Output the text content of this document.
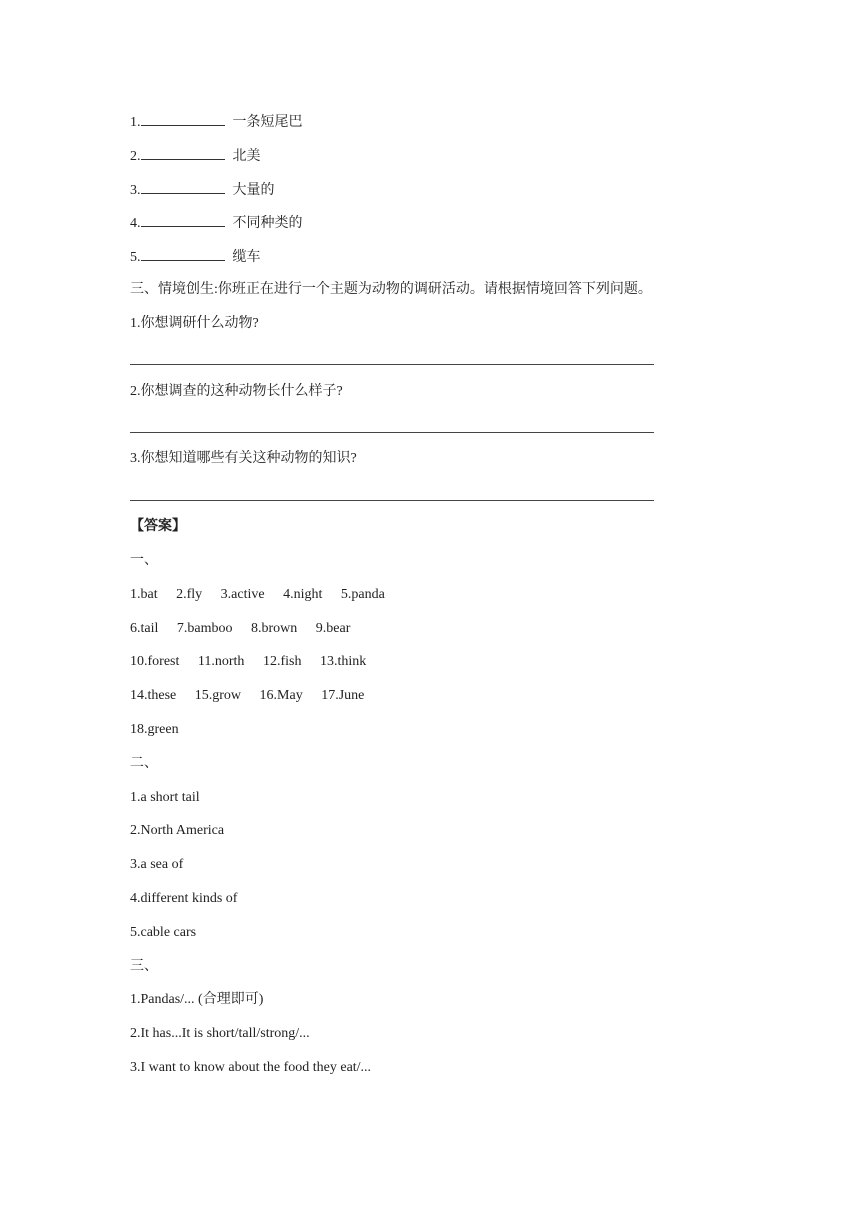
1.	一条短尾巴
2.	北美
3.	大量的
4.	不同种类的
5.	缆车
三、情境创生:你班正在进行一个主题为动物的调研活动。请根据情境回答下列问题。
1.你想调研什么动物?
2.你想调查的这种动物长什么样子?
3.你想知道哪些有关这种动物的知识?
【答案】
一、
1.bat 2.fly 3.active 4.night 5.panda
6.tail 7.bamboo 8.brown 9.bear
10.forest 11.north 12.fish 13.think
14.these 15.grow 16.May 17.June
18.green
二、
1.a short tail
2.North America
3.a sea of
4.different kinds of
5.cable cars
三、
1.Pandas/... (合理即可)
2.It has...It is short/tall/strong/...
3.I want to know about the food they eat/...
